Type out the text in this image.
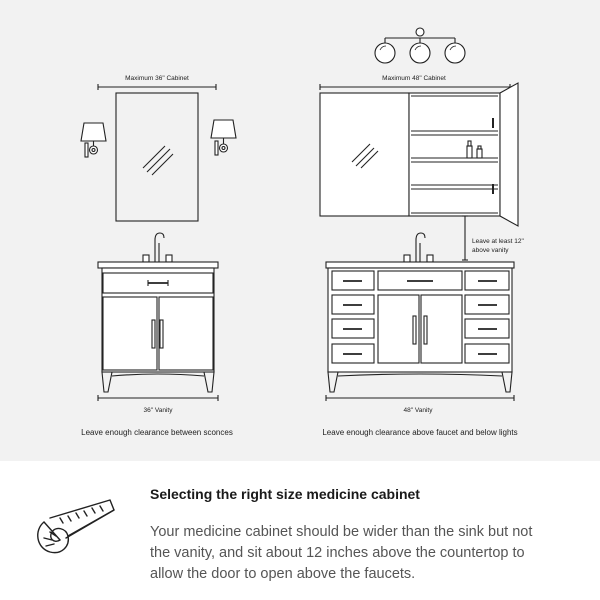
Maximum 36" Cabinet
36" Vanity
Leave enough clearance between sconces
Maximum 48" Cabinet
Leave at least 12"
above vanity
48" Vanity
Leave enough clearance above faucet and below lights

Selecting the right size medicine cabinet

Your medicine cabinet should be wider than the sink but not the vanity, and sit about 12 inches above the countertop to allow the door to open above the faucets.
